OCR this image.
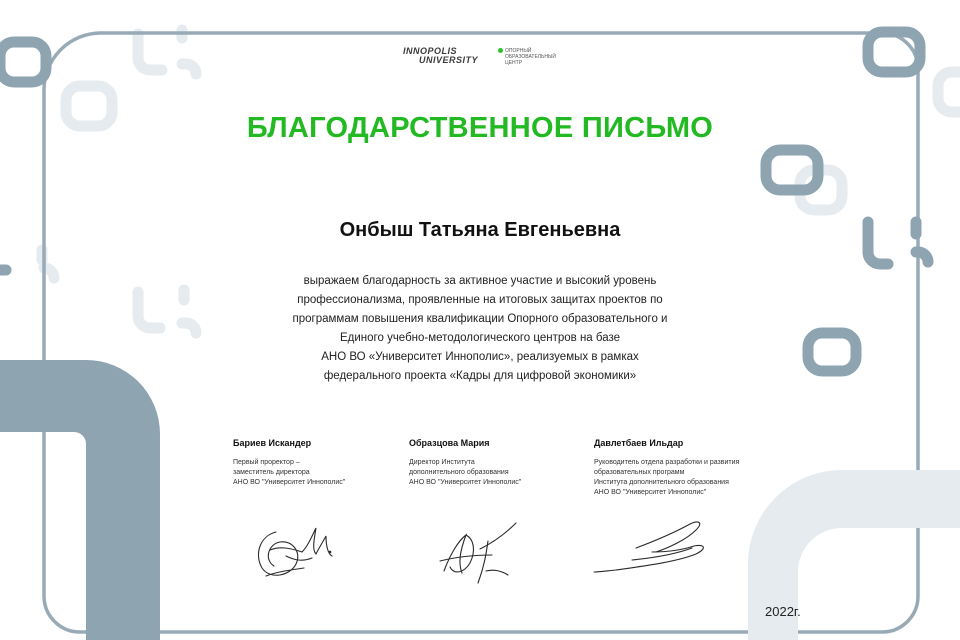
INNOPOLIS
UNIVERSITY
ОПОРНЫЙ
ОБРАЗОВАТЕЛЬНЫЙ
ЦЕНТР
БЛАГОДАРСТВЕННОЕ ПИСЬМО
Онбыш Татьяна Евгеньевна
выражаем благодарность за активное участие и высокий уровень
профессионализма, проявленные на итоговых защитах проектов по
программам повышения квалификации Опорного образовательного и
Единого учебно-методологического центров на базе
АНО ВО «Университет Иннополис», реализуемых в рамках
федерального проекта «Кадры для цифровой экономики»
Бариев Искандер
Первый проректор –
заместитель директора
АНО ВО "Университет Иннополис"
Образцова Мария
Директор Института
дополнительного образования
АНО ВО "Университет Иннополис"
Давлетбаев Ильдар
Руководитель отдела разработки и развития
образовательных программ
Института дополнительного образования
АНО ВО "Университет Иннополис"
2022г.
